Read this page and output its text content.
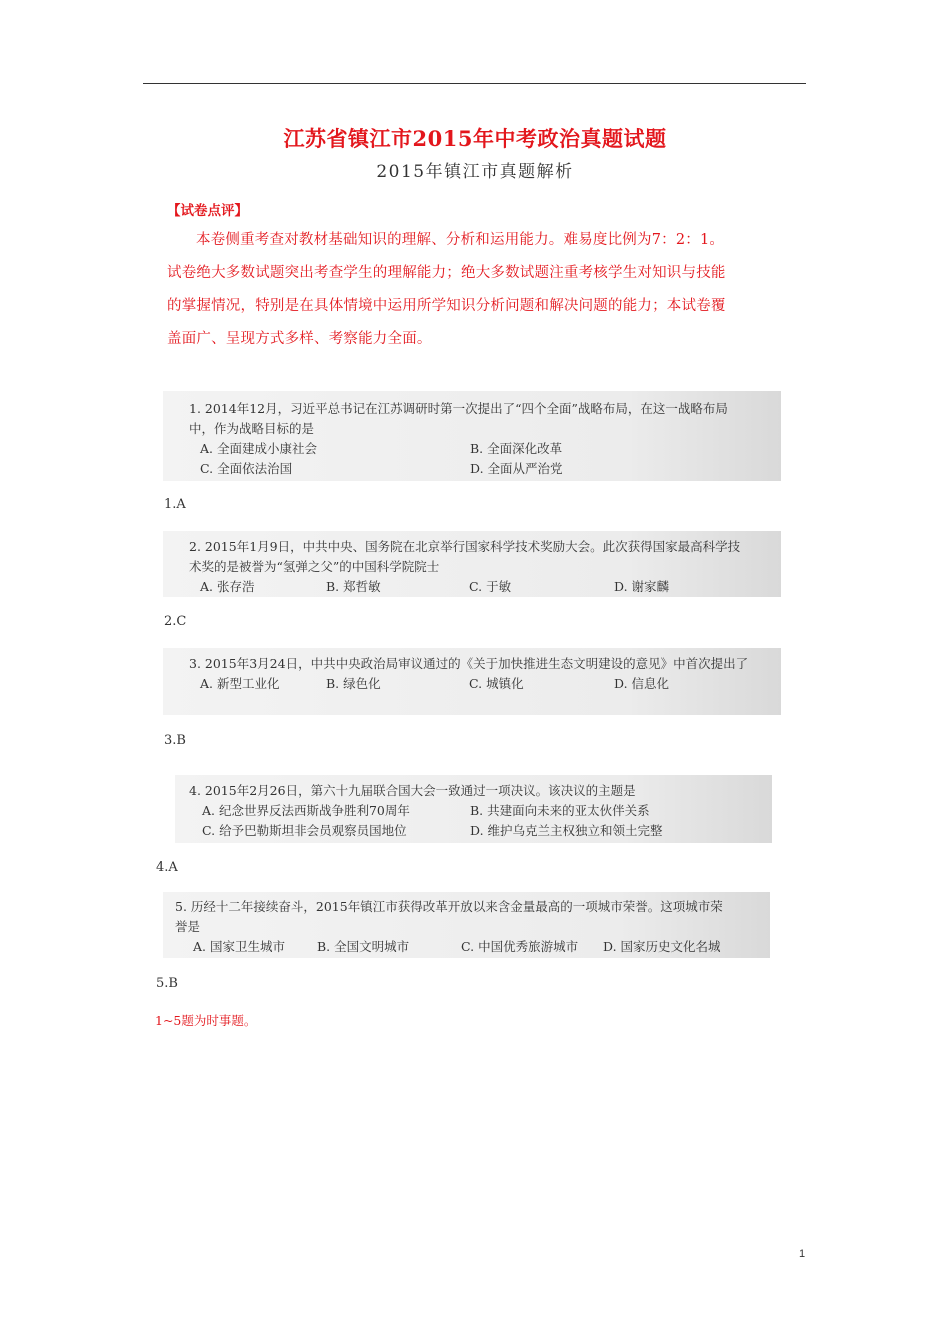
江苏省镇江市2015年中考政治真题试题
2015年镇江市真题解析
【试卷点评】
本卷侧重考查对教材基础知识的理解、分析和运用能力。难易度比例为7：2：1。试卷绝大多数试题突出考查学生的理解能力；绝大多数试题注重考核学生对知识与技能的掌握情况，特别是在具体情境中运用所学知识分析问题和解决问题的能力；本试卷覆盖面广、呈现方式多样、考察能力全面。
1. 2014年12月，习近平总书记在江苏调研时第一次提出了“四个全面”战略布局，在这一战略布局中，作为战略目标的是
A. 全面建成小康社会	B. 全面深化改革
C. 全面依法治国	D. 全面从严治党
1.A
2. 2015年1月9日，中共中央、国务院在北京举行国家科学技术奖励大会。此次获得国家最高科学技术奖的是被誉为“氢弹之父”的中国科学院院士
A. 张存浩	B. 郑哲敏	C. 于敏	D. 谢家麟
2.C
3. 2015年3月24日，中共中央政治局审议通过的《关于加快推进生态文明建设的意见》中首次提出了
A. 新型工业化	B. 绿色化	C. 城镇化	D. 信息化
3.B
4. 2015年2月26日，第六十九届联合国大会一致通过一项决议。该决议的主题是
A. 纪念世界反法西斯战争胜利70周年	B. 共建面向未来的亚太伙伴关系
C. 给予巴勒斯坦非会员观察员国地位	D. 维护乌克兰主权独立和领土完整
4.A
5. 历经十二年接续奋斗，2015年镇江市获得改革开放以来含金量最高的一项城市荣誉。这项城市荣誉是
A. 国家卫生城市	B. 全国文明城市	C. 中国优秀旅游城市	D. 国家历史文化名城
5.B
1~5题为时事题。
1
